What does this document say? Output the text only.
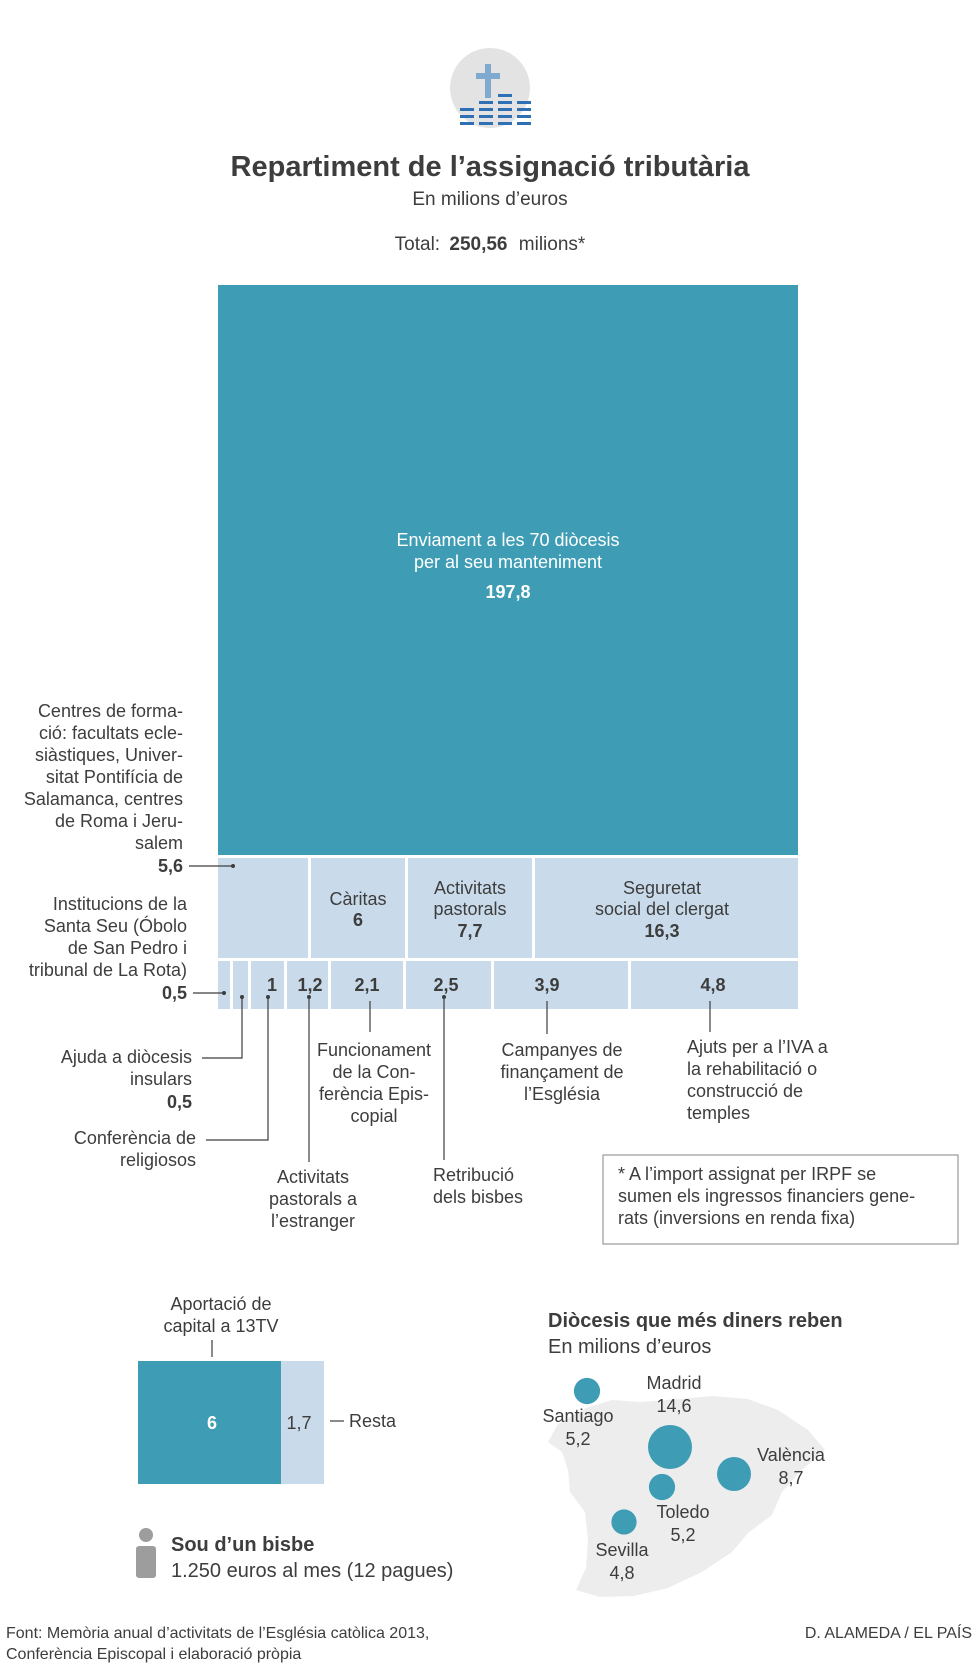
Repartiment de l’assignació tributària
En milions d’euros
Total: 250,56 milions*
Enviament a les 70 diòcesis
per al seu manteniment
197,8
Càritas
6
Activitats
pastorals
7,7
Seguretat
social del clergat
16,3
1 1,2 2,1	2,5	3,9	4,8
Centres de forma-
ció: facultats ecle-
siàstiques, Univer-
sitat Pontifícia de
Salamanca, centres
de Roma i Jeru-
salem
5,6
Institucions de la
Santa Seu (Óbolo
de San Pedro i
tribunal de La Rota)
0,5
Ajuda a diòcesis
insulars
0,5
Conferència de
religiosos
Activitats
pastorals a
l’estranger
Funcionament
de la Con-
ferència Epis-
copial
Retribució
dels bisbes
Campanyes de
finançament de
l’Església
Ajuts per a l’IVA a
la rehabilitació o
construcció de
temples
* A l’import assignat per IRPF se
sumen els ingressos financiers gene-
rats (inversions en renda fixa)
Aportació de
capital a 13TV
6	1,7 Resta
Sou d’un bisbe
1.250 euros al mes (12 pagues)
Diòcesis que més diners reben
En milions d’euros
Madrid
14,6
València
8,7
Santiago
5,2
Toledo
5,2
Sevilla
4,8
Font: Memòria anual d’activitats de l’Església catòlica 2013,
Conferència Episcopal i elaboració pròpia
D. ALAMEDA / EL PAÍS
